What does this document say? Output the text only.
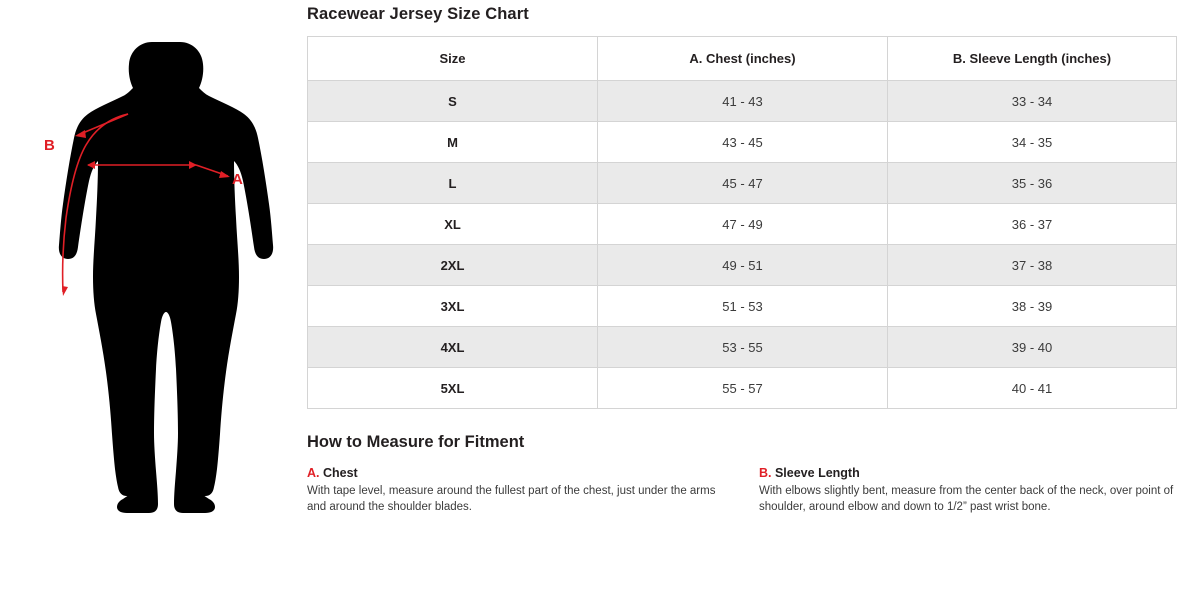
B
A
Racewear Jersey Size Chart
Size	A. Chest (inches)	B. Sleeve Length (inches)
S	41 - 43	33 - 34
M	43 - 45	34 - 35
L	45 - 47	35 - 36
XL	47 - 49	36 - 37
2XL	49 - 51	37 - 38
3XL	51 - 53	38 - 39
4XL	53 - 55	39 - 40
5XL	55 - 57	40 - 41
How to Measure for Fitment
A. Chest
With tape level, measure around the fullest part of the chest, just under the arms and around the shoulder blades.
B. Sleeve Length
With elbows slightly bent, measure from the center back of the neck, over point of shoulder, around elbow and down to 1/2” past wrist bone.
